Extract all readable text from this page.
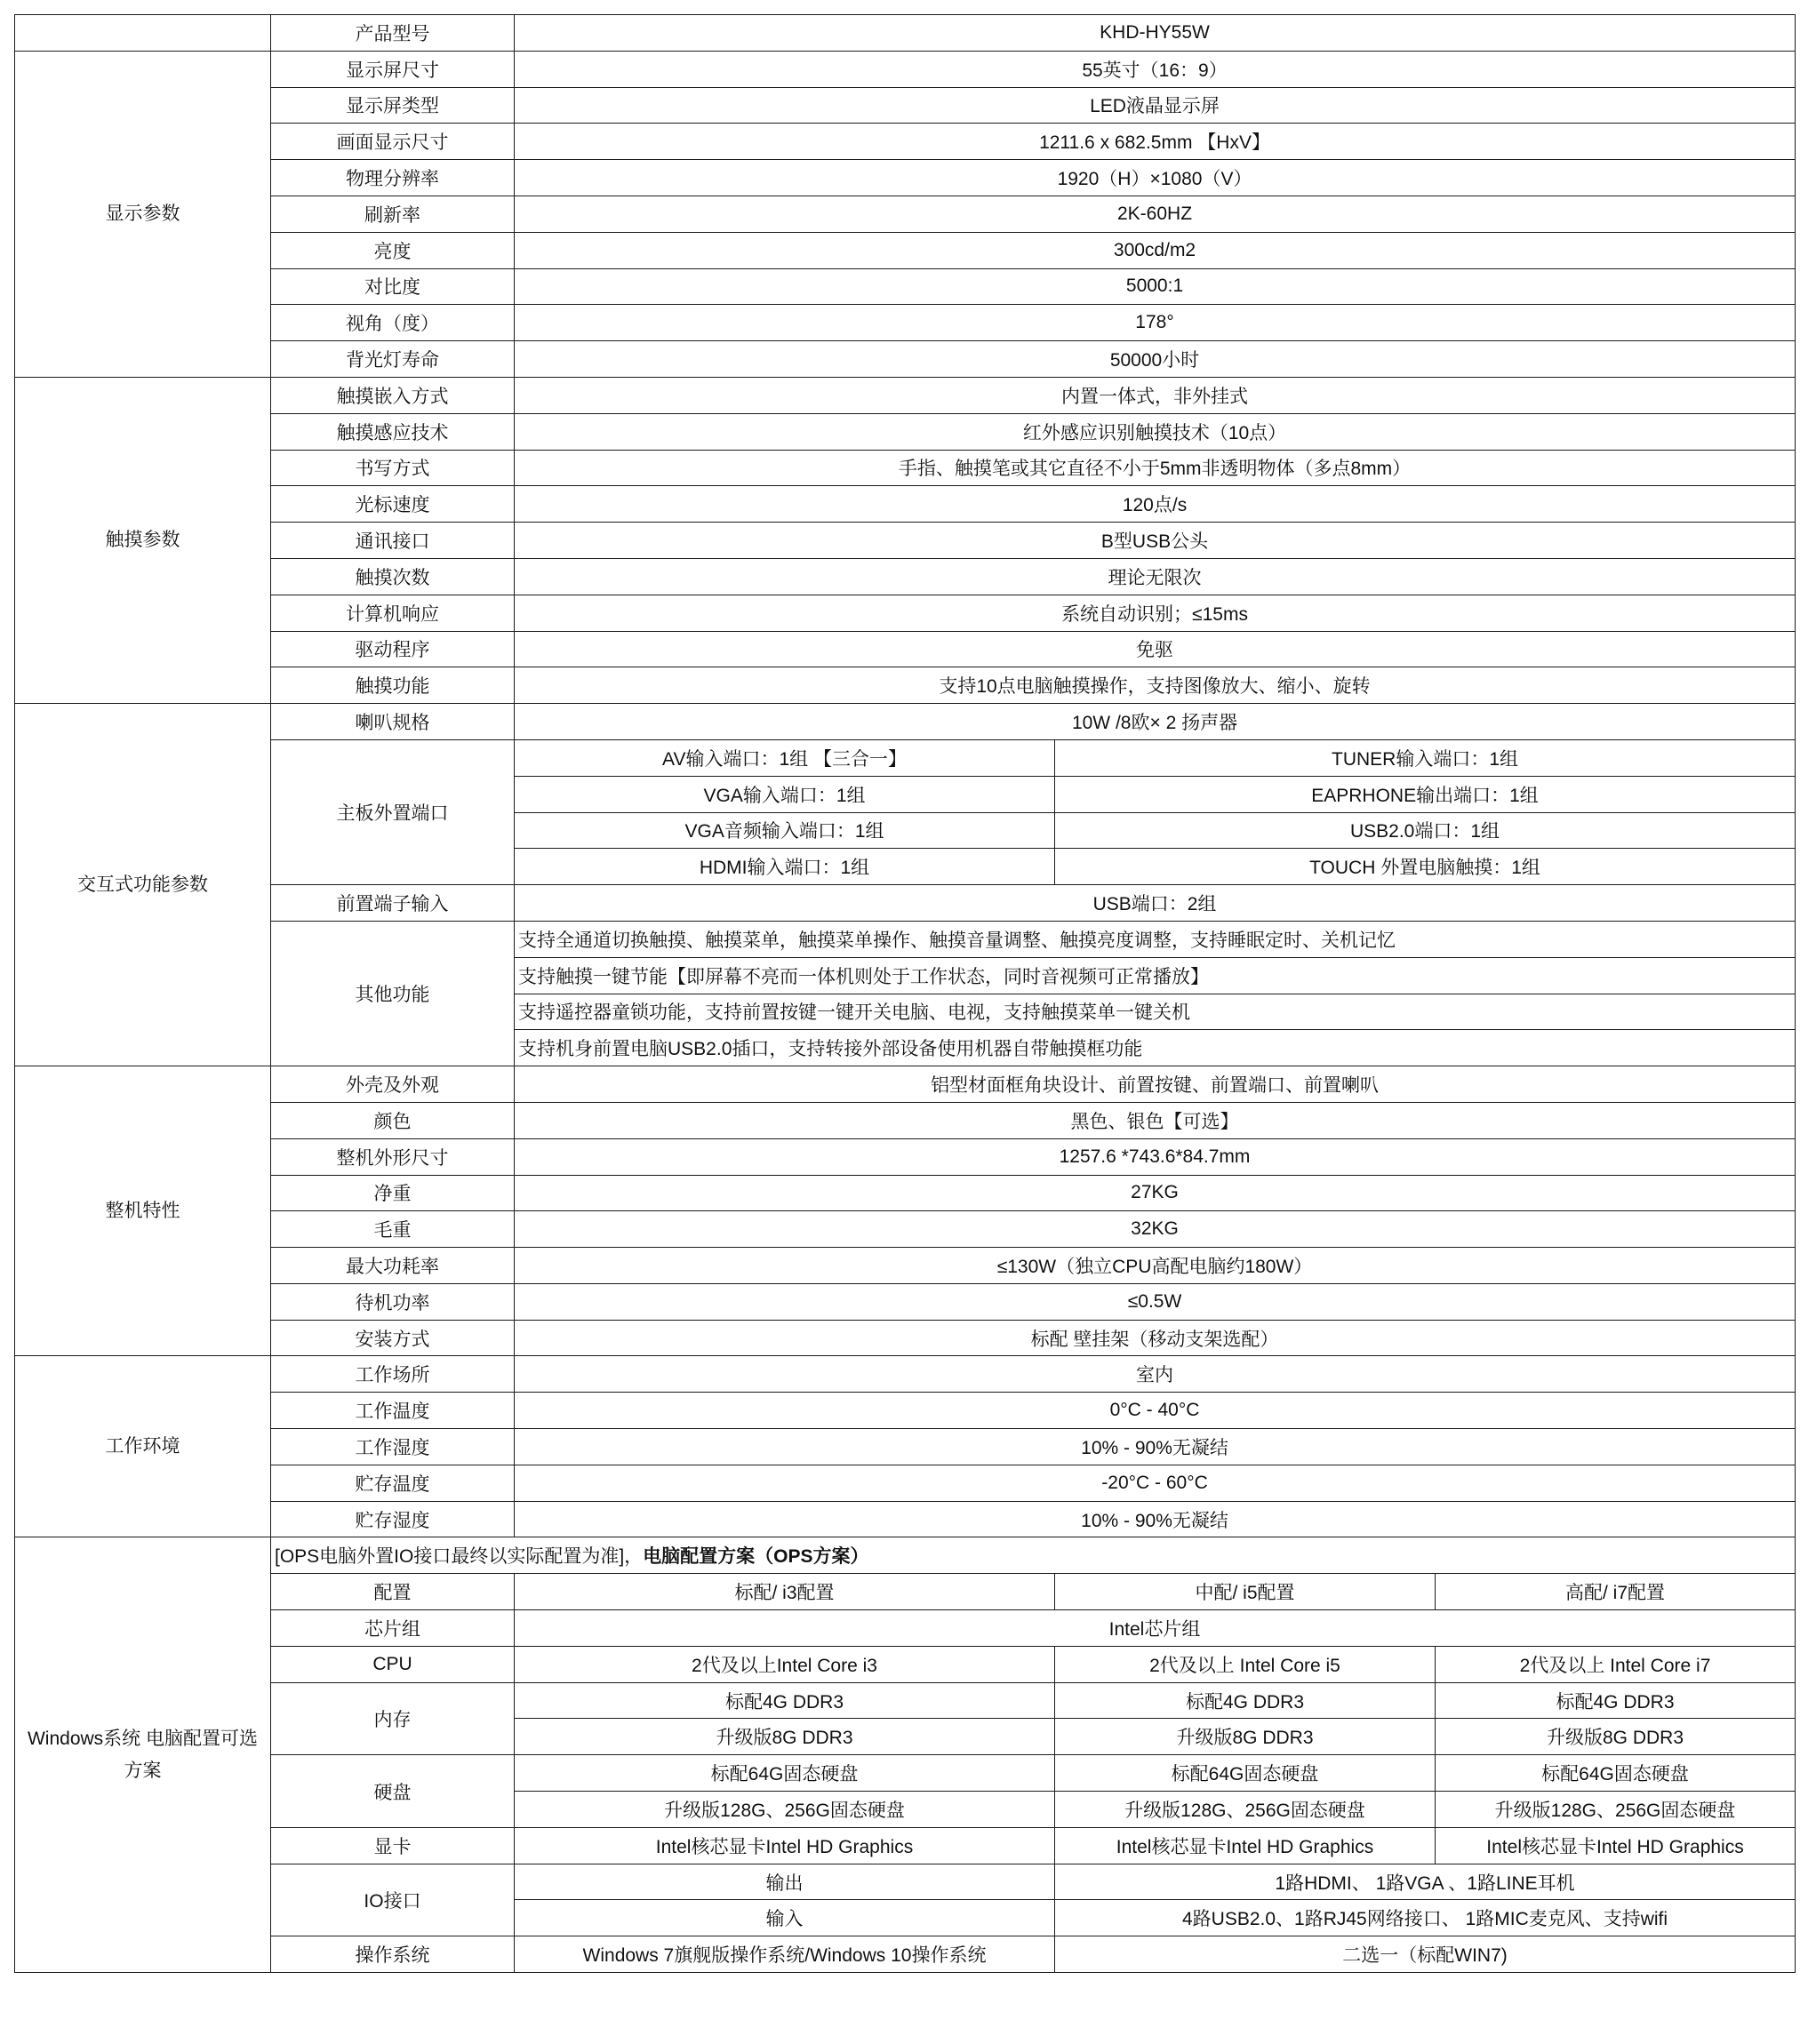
	产品型号	KHD-HY55W		
显示参数	显示屏尺寸	55英寸（16：9）		
	显示屏类型	LED液晶显示屏		
	画面显示尺寸	1211.6 x 682.5mm 【HxV】		
	物理分辨率	1920（H）×1080（V）		
	刷新率	2K-60HZ		
	亮度	300cd/m2		
	对比度	5000:1		
	视角（度）	178°		
	背光灯寿命	50000小时		
触摸参数	触摸嵌入方式	内置一体式，非外挂式		
	触摸感应技术	红外感应识别触摸技术（10点）		
	书写方式	手指、触摸笔或其它直径不小于5mm非透明物体（多点8mm）		
	光标速度	120点/s		
	通讯接口	B型USB公头		
	触摸次数	理论无限次		
	计算机响应	系统自动识别；≤15ms		
	驱动程序	免驱		
	触摸功能	支持10点电脑触摸操作，支持图像放大、缩小、旋转		
交互式功能参数	喇叭规格	10W /8欧× 2 扬声器		
	主板外置端口	AV输入端口：1组 【三合一】	TUNER输入端口：1组	
		VGA输入端口：1组	EAPRHONE输出端口：1组	
		VGA音频输入端口：1组	USB2.0端口：1组	
		HDMI输入端口：1组	TOUCH 外置电脑触摸：1组	
	前置端子输入	USB端口：2组		
	其他功能	支持全通道切换触摸、触摸菜单，触摸菜单操作、触摸音量调整、触摸亮度调整，支持睡眠定时、关机记忆		
		支持触摸一键节能【即屏幕不亮而一体机则处于工作状态，同时音视频可正常播放】		
		支持遥控器童锁功能，支持前置按键一键开关电脑、电视，支持触摸菜单一键关机		
		支持机身前置电脑USB2.0插口，支持转接外部设备使用机器自带触摸框功能		
整机特性	外壳及外观	铝型材面框角块设计、前置按键、前置端口、前置喇叭		
	颜色	黑色、银色【可选】		
	整机外形尺寸	1257.6 *743.6*84.7mm		
	净重	27KG		
	毛重	32KG		
	最大功耗率	≤130W（独立CPU高配电脑约180W）		
	待机功率	≤0.5W		
	安装方式	标配 壁挂架（移动支架选配）		
工作环境	工作场所	室内		
	工作温度	0°C - 40°C		
	工作湿度	10% - 90%无凝结		
	贮存温度	-20°C - 60°C		
	贮存湿度	10% - 90%无凝结		
Windows系统 电脑配置可选方案	[OPS电脑外置IO接口最终以实际配置为准]，电脑配置方案（OPS方案）			
	配置	标配/ i3配置	中配/ i5配置	高配/ i7配置
	芯片组	Intel芯片组		
	CPU	2代及以上Intel Core i3	2代及以上 Intel Core i5	2代及以上 Intel Core i7
	内存	标配4G DDR3	标配4G DDR3	标配4G DDR3
		升级版8G DDR3	升级版8G DDR3	升级版8G DDR3
	硬盘	标配64G固态硬盘	标配64G固态硬盘	标配64G固态硬盘
		升级版128G、256G固态硬盘	升级版128G、256G固态硬盘	升级版128G、256G固态硬盘
	显卡	Intel核芯显卡Intel HD Graphics	Intel核芯显卡Intel HD Graphics	Intel核芯显卡Intel HD Graphics
	IO接口	输出	1路HDMI、 1路VGA 、1路LINE耳机	
		输入	4路USB2.0、1路RJ45网络接口、 1路MIC麦克风、支持wifi	
	操作系统	Windows 7旗舰版操作系统/Windows 10操作系统	二选一（标配WIN7)	
